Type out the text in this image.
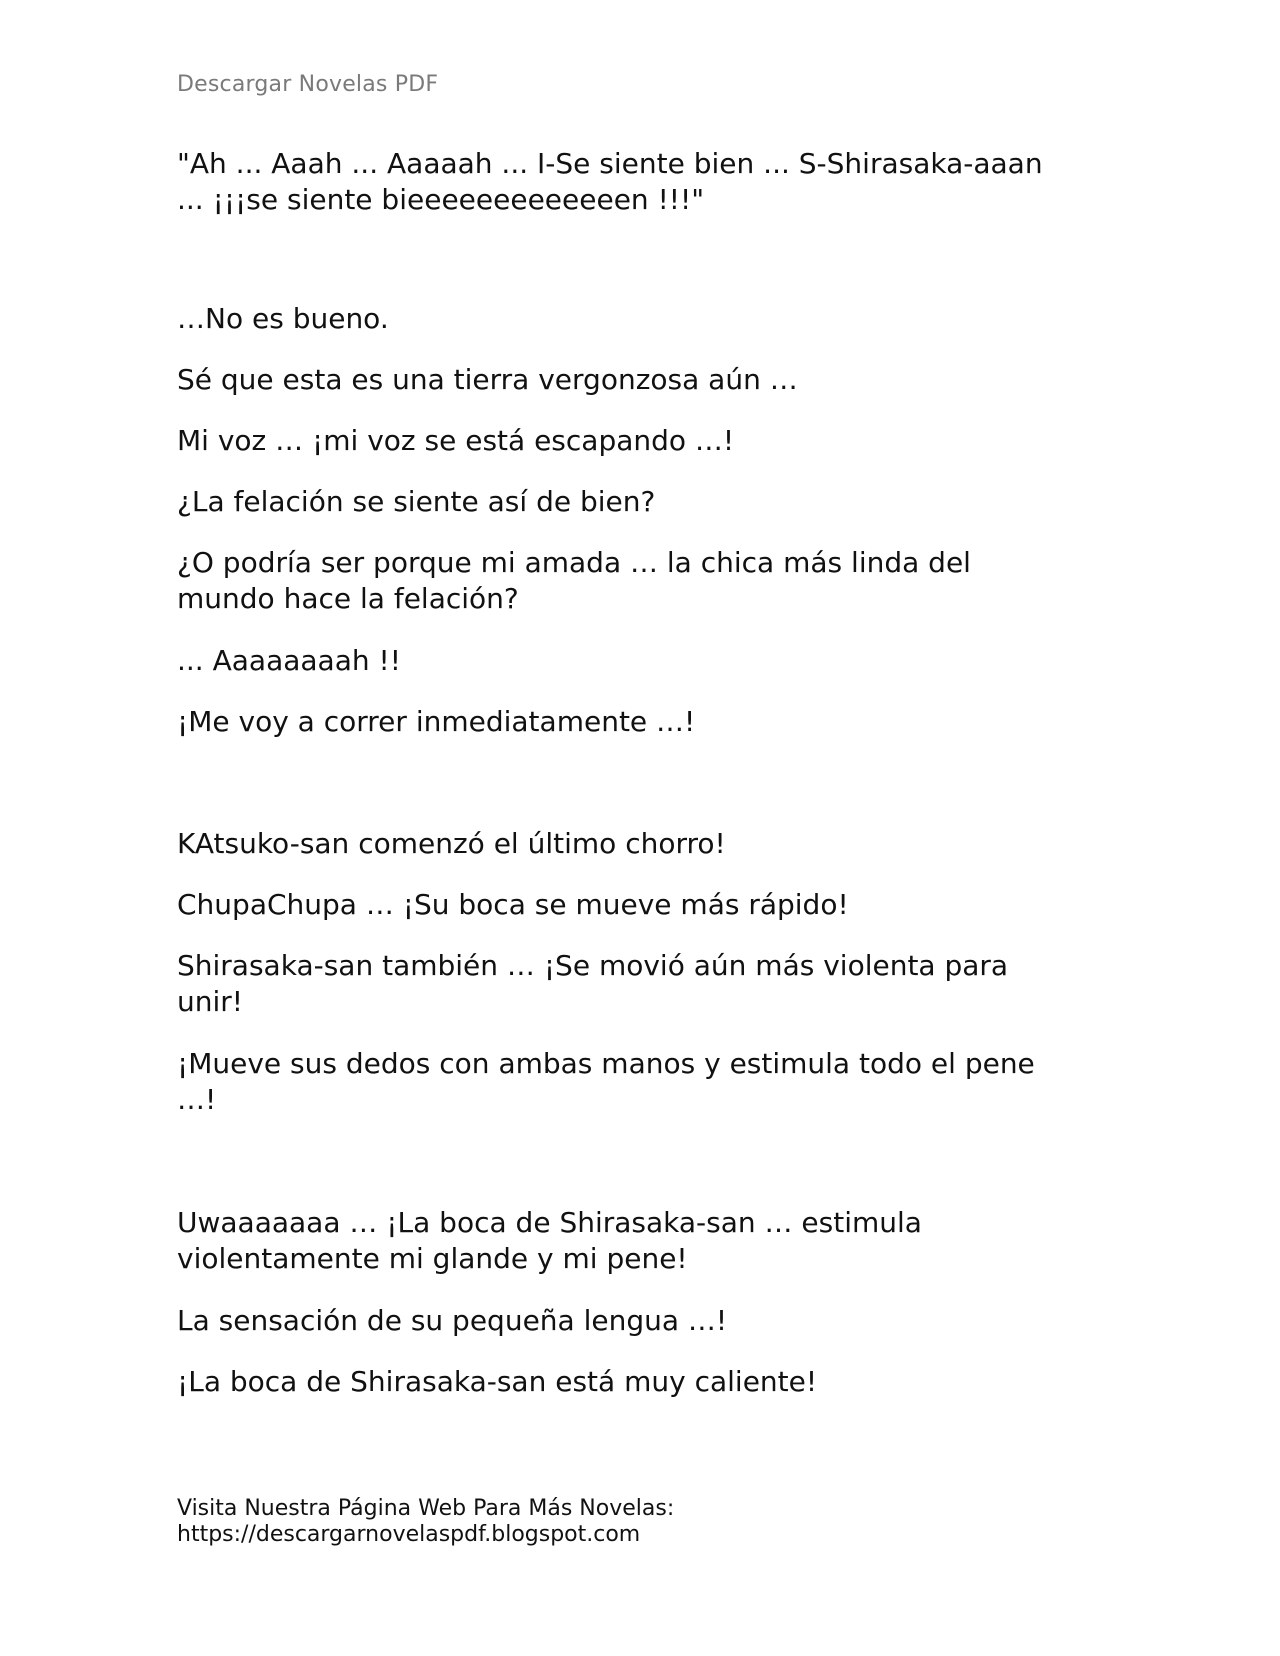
Descargar Novelas PDF

"Ah ... Aaah ... Aaaaah ... I-Se siente bien ... S-Shirasaka-aaan ... ¡¡¡se siente bieeeeeeeeeeeeen !!!"

…No es bueno.

Sé que esta es una tierra vergonzosa aún …

Mi voz … ¡mi voz se está escapando …!

¿La felación se siente así de bien?

¿O podría ser porque mi amada … la chica más linda del mundo hace la felación?

... Aaaaaaaah !!

¡Me voy a correr inmediatamente …!

KAtsuko-san comenzó el último chorro!

ChupaChupa … ¡Su boca se mueve más rápido!

Shirasaka-san también … ¡Se movió aún más violenta para unir!

¡Mueve sus dedos con ambas manos y estimula todo el pene …!

Uwaaaaaaa … ¡La boca de Shirasaka-san … estimula violentamente mi glande y mi pene!

La sensación de su pequeña lengua …!

¡La boca de Shirasaka-san está muy caliente!

Visita Nuestra Página Web Para Más Novelas:
https://descargarnovelaspdf.blogspot.com
